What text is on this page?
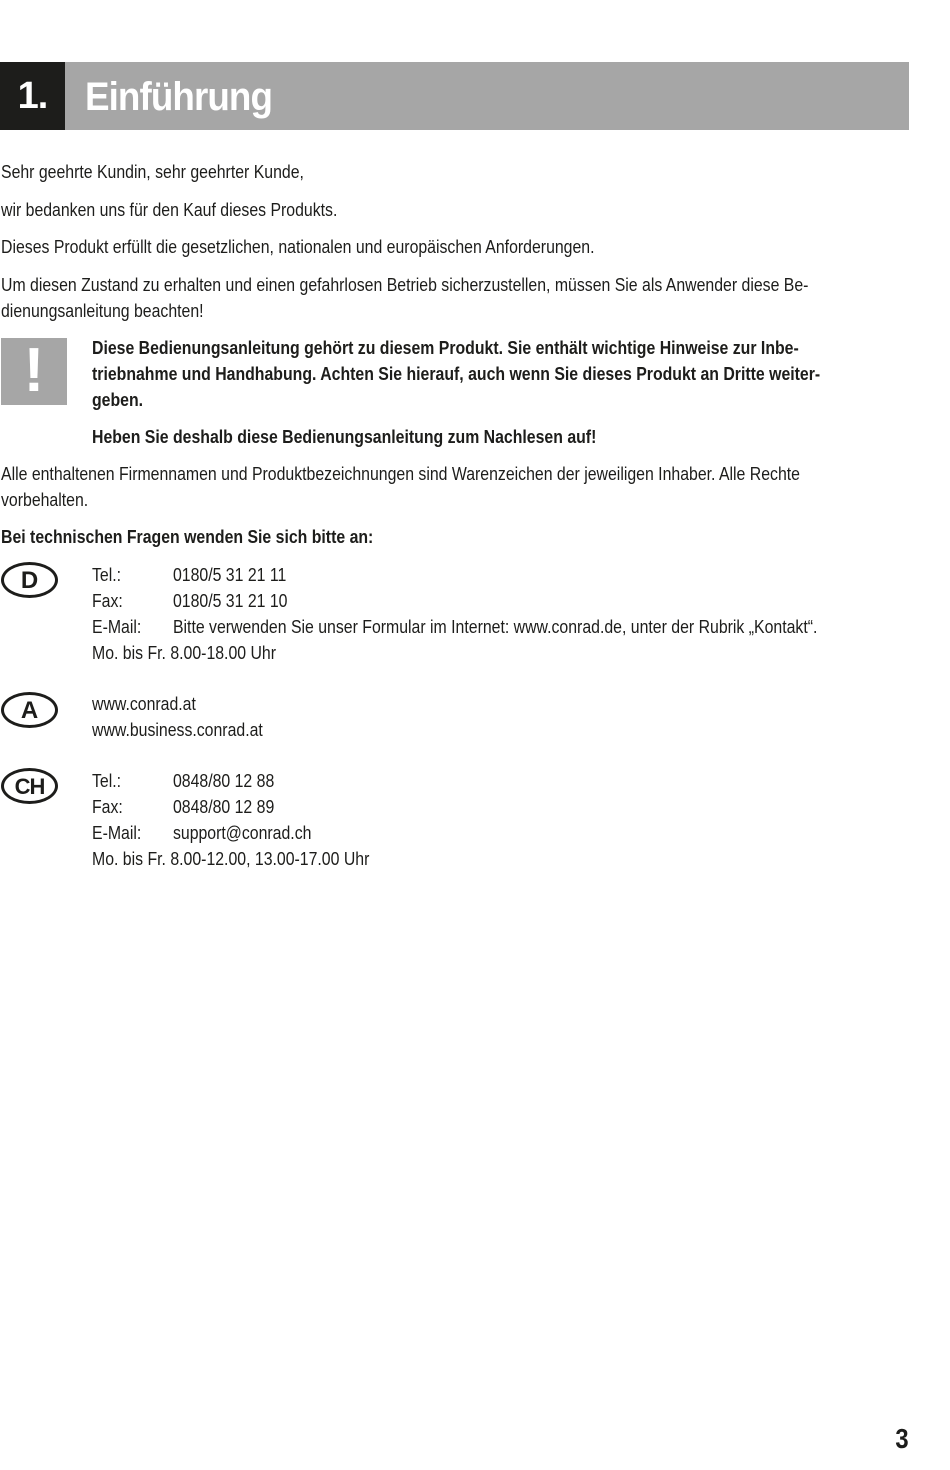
1. Einführung
Sehr geehrte Kundin, sehr geehrter Kunde,
wir bedanken uns für den Kauf dieses Produkts.
Dieses Produkt erfüllt die gesetzlichen, nationalen und europäischen Anforderungen.
Um diesen Zustand zu erhalten und einen gefahrlosen Betrieb sicherzustellen, müssen Sie als Anwender diese Be-
dienungsanleitung beachten!
!	Diese Bedienungsanleitung gehört zu diesem Produkt. Sie enthält wichtige Hinweise zur Inbe-
triebnahme und Handhabung. Achten Sie hierauf, auch wenn Sie dieses Produkt an Dritte weiter-
geben.
Heben Sie deshalb diese Bedienungsanleitung zum Nachlesen auf!
Alle enthaltenen Firmennamen und Produktbezeichnungen sind Warenzeichen der jeweiligen Inhaber. Alle Rechte
vorbehalten.
Bei technischen Fragen wenden Sie sich bitte an:
D	Tel.:	0180/5 31 21 11
Fax:	0180/5 31 21 10
E-Mail: Bitte verwenden Sie unser Formular im Internet: www.conrad.de, unter der Rubrik „Kontakt“.
Mo. bis Fr. 8.00-18.00 Uhr
A	www.conrad.at
www.business.conrad.at
CH	Tel.:	0848/80 12 88
Fax:	0848/80 12 89
E-Mail: support@conrad.ch
Mo. bis Fr. 8.00-12.00, 13.00-17.00 Uhr
3
